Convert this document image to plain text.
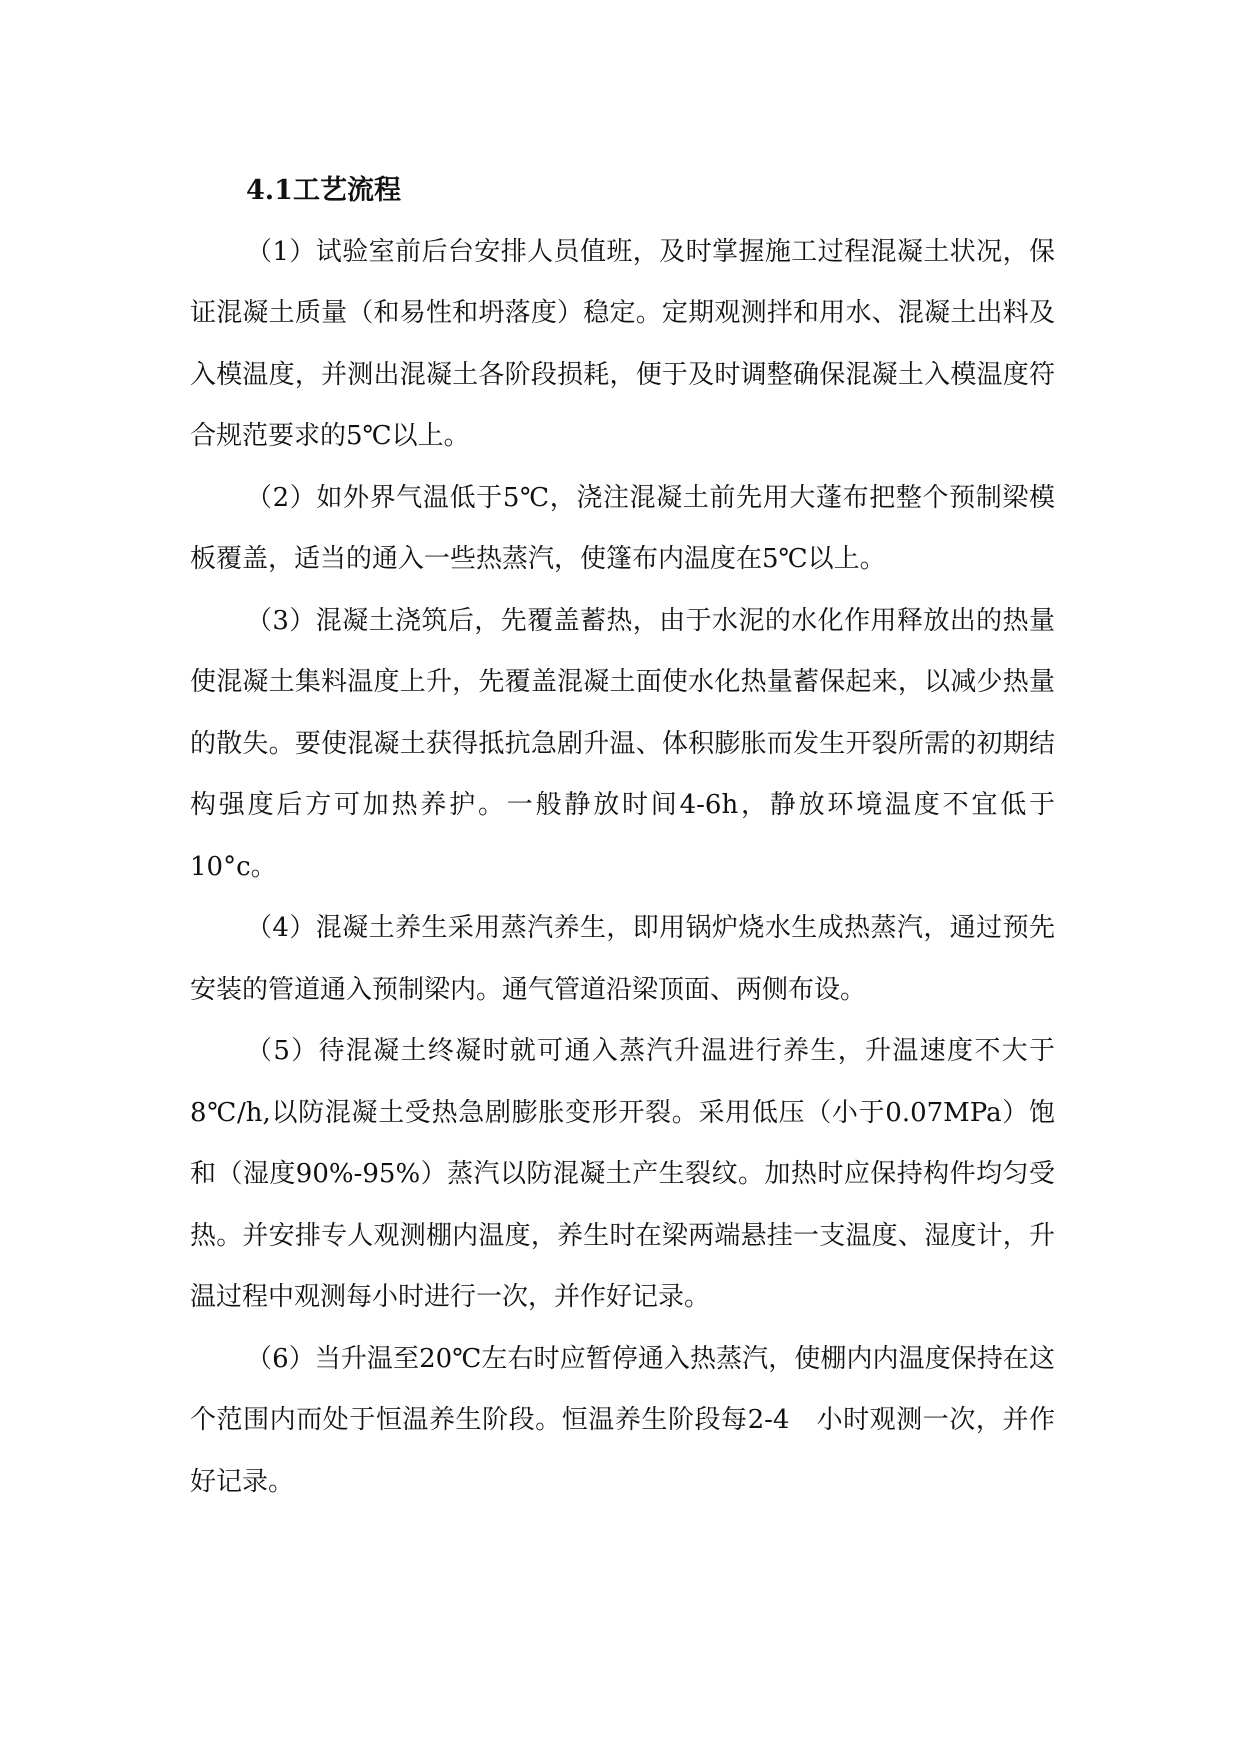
4.1工艺流程

（1）试验室前后台安排人员值班，及时掌握施工过程混凝土状况，保证混凝土质量（和易性和坍落度）稳定。定期观测拌和用水、混凝土出料及入模温度，并测出混凝土各阶段损耗，便于及时调整确保混凝土入模温度符合规范要求的5℃以上。

（2）如外界气温低于5℃，浇注混凝土前先用大蓬布把整个预制梁模板覆盖，适当的通入一些热蒸汽，使篷布内温度在5℃以上。

（3）混凝土浇筑后，先覆盖蓄热，由于水泥的水化作用释放出的热量使混凝土集料温度上升，先覆盖混凝土面使水化热量蓄保起来，以减少热量的散失。要使混凝土获得抵抗急剧升温、体积膨胀而发生开裂所需的初期结构强度后方可加热养护。一般静放时间4-6h，静放环境温度不宜低于10°c。

（4）混凝土养生采用蒸汽养生，即用锅炉烧水生成热蒸汽，通过预先安装的管道通入预制梁内。通气管道沿梁顶面、两侧布设。

（5）待混凝土终凝时就可通入蒸汽升温进行养生，升温速度不大于8℃/h,以防混凝土受热急剧膨胀变形开裂。采用低压（小于0.07MPa）饱和（湿度90%-95%）蒸汽以防混凝土产生裂纹。加热时应保持构件均匀受热。并安排专人观测棚内温度，养生时在梁两端悬挂一支温度、湿度计，升温过程中观测每小时进行一次，并作好记录。

（6）当升温至20℃左右时应暂停通入热蒸汽，使棚内内温度保持在这个范围内而处于恒温养生阶段。恒温养生阶段每2-4　小时观测一次，并作好记录。
